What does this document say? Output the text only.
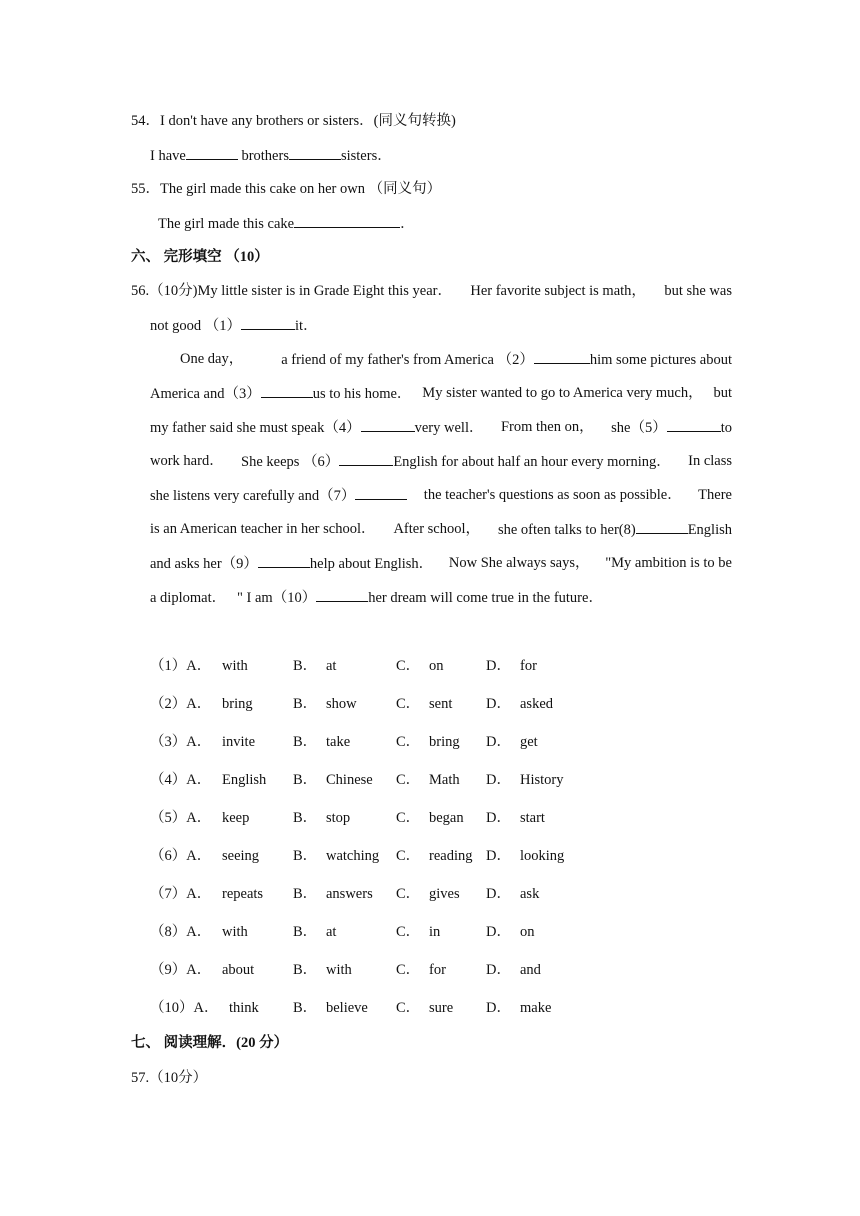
54．I don't have any brothers or sisters．(同义句转换)
I have	brothers	sisters．
55．The girl made this cake on her own （同义句）
The girl made this cake	．
六、 完形填空 （10）
56.（10分)My little sister is in Grade Eight this year． Her favorite subject is math， but she was
not good （1）	it．
One day，	a friend of my father's from America （2）	him some pictures about
America and（3）	us to his home． My sister wanted to go to America very much， but
my father said she must speak（4）	very well． From then on， she（5）	to
work hard． She keeps （6）	English for about half an hour every morning． In class
she listens very carefully and（7）	the teacher's questions as soon as possible． There
is an American teacher in her school． After school， she often talks to her(8)	English
and asks her（9）	help about English． Now She always says， "My ambition is to be
a diplomat． " I am（10）	her dream will come true in the future．
（1）A． with	B． at	C． on	D． for
（2）A． bring	B． show	C． sent D． asked
（3）A． invite	B． take	C． bring D． get
（4）A． English B． Chinese C． Math D． History
（5）A． keep	B． stop	C． began D． start
（6）A． seeing B． watching C． reading D． looking
（7）A． repeats B． answers C． gives D． ask
（8）A． with	B． at	C． in	D． on
（9）A． about	B． with	C． for	D． and
（10）A． think B． believe C． sure D． make
七、 阅读理解．(20 分）
57.（10分）
